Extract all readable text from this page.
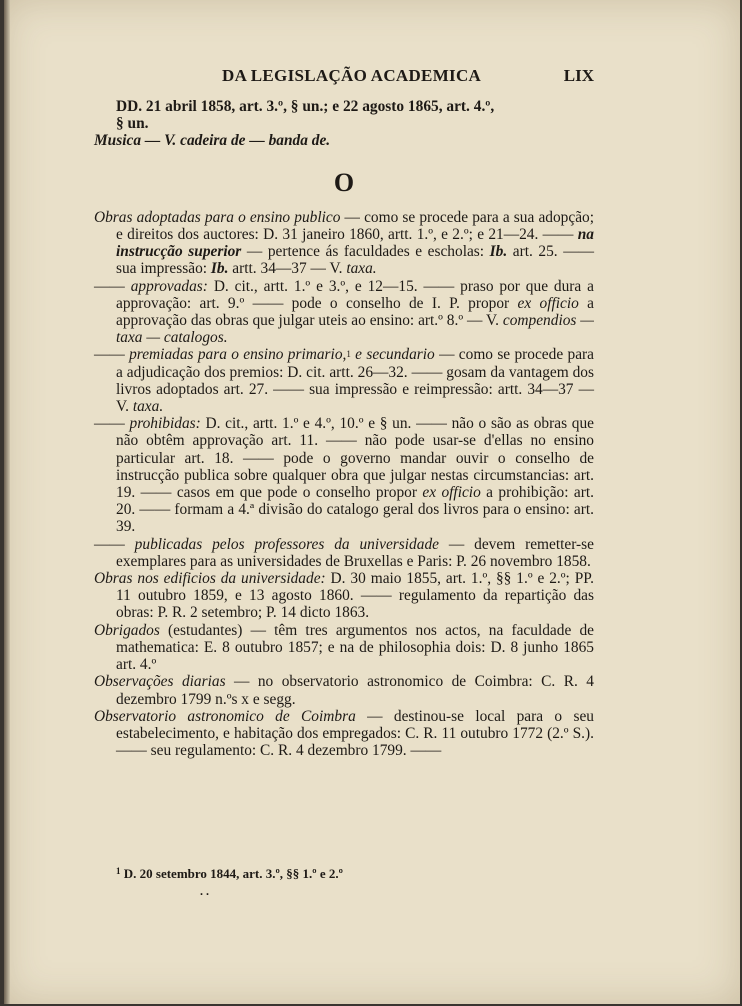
DA LEGISLAÇÃO ACADEMICA	LIX

DD. 21 abril 1858, art. 3.º, § un.; e 22 agosto 1865, art. 4.º,
§ un.

Musica — V. cadeira de — banda de.

O

Obras adoptadas para o ensino publico — como se procede para a sua adopção; e direitos dos auctores: D. 31 janeiro 1860, artt. 1.º, e 2.º; e 21—24. —— na instrucção superior — pertence ás faculdades e escholas: Ib. art. 25. —— sua impressão: Ib. artt. 34—37 — V. taxa.

—— approvadas: D. cit., artt. 1.º e 3.º, e 12—15. —— praso por que dura a approvação: art. 9.º —— pode o conselho de I. P. propor ex officio a approvação das obras que julgar uteis ao ensino: art.º 8.º — V. compendios — taxa — catalogos.

—— premiadas para o ensino primario,$^1$ e secundario — como se procede para a adjudicação dos premios: D. cit. artt. 26—32. —— gosam da vantagem dos livros adoptados art. 27. —— sua impressão e reimpressão: artt. 34—37 — V. taxa.

—— prohibidas: D. cit., artt. 1.º e 4.º, 10.º e § un. —— não o são as obras que não obtêm approvação art. 11. —— não pode usar-se d'ellas no ensino particular art. 18. —— pode o governo mandar ouvir o conselho de instrucção publica sobre qualquer obra que julgar nestas circumstancias: art. 19. —— casos em que pode o conselho propor ex officio a prohibição: art. 20. —— formam a 4.ª divisão do catalogo geral dos livros para o ensino: art. 39.

—— publicadas pelos professores da universidade — devem remetter-se exemplares para as universidades de Bruxellas e Paris: P. 26 novembro 1858.

Obras nos edificios da universidade: D. 30 maio 1855, art. 1.º, §§ 1.º e 2.º; PP. 11 outubro 1859, e 13 agosto 1860. —— regulamento da repartição das obras: P. R. 2 setembro; P. 14 dicto 1863.

Obrigados (estudantes) — têm tres argumentos nos actos, na faculdade de mathematica: E. 8 outubro 1857; e na de philosophia dois: D. 8 junho 1865 art. 4.º

Observações diarias — no observatorio astronomico de Coimbra: C. R. 4 dezembro 1799 n.ºs x e segg.

Observatorio astronomico de Coimbra — destinou-se local para o seu estabelecimento, e habitação dos empregados: C. R. 11 outubro 1772 (2.º S.). —— seu regulamento: C. R. 4 dezembro 1799. ——

$^1$ D. 20 setembro 1844, art. 3.º, §§ 1.º e 2.º
. .
